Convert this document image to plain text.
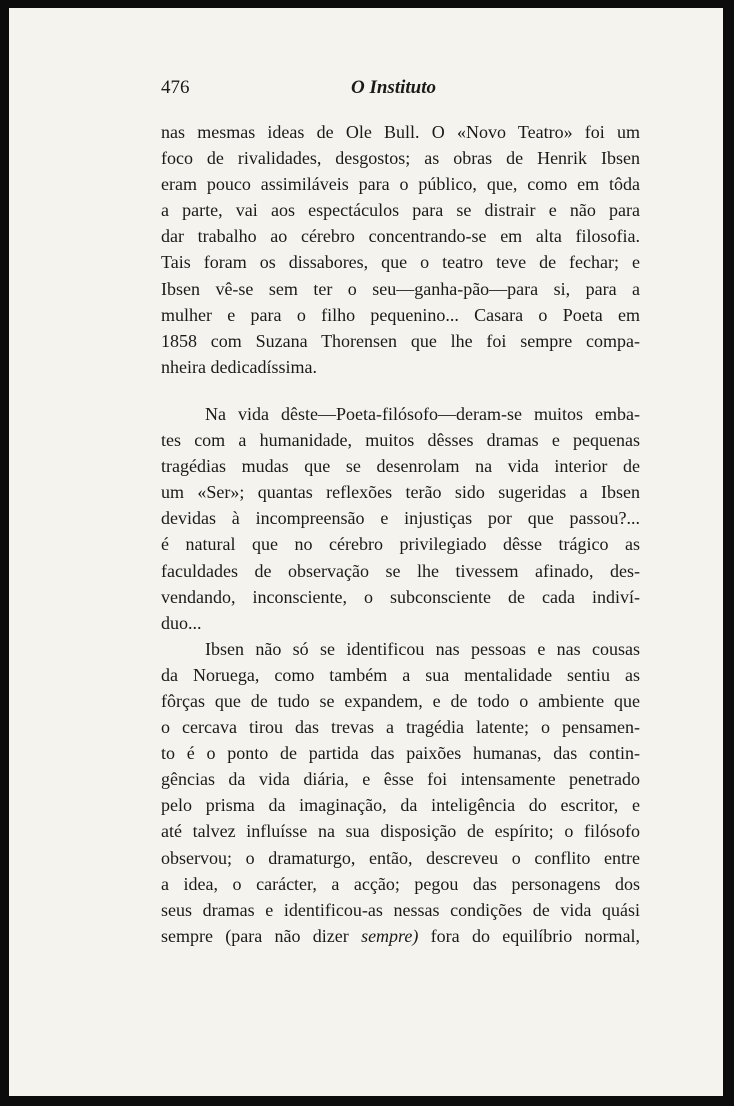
476	O Instituto
nas mesmas ideas de Ole Bull. O «Novo Teatro» foi um
foco de rivalidades, desgostos; as obras de Henrik Ibsen
eram pouco assimiláveis para o público, que, como em tôda
a parte, vai aos espectáculos para se distrair e não para
dar trabalho ao cérebro concentrando-se em alta filosofia.
Tais foram os dissabores, que o teatro teve de fechar; e
Ibsen vê-se sem ter o seu—ganha-pão—para si, para a
mulher e para o filho pequenino... Casara o Poeta em
1858 com Suzana Thorensen que lhe foi sempre compa-
nheira dedicadíssima.
Na vida dêste—Poeta-filósofo—deram-se muitos emba-
tes com a humanidade, muitos dêsses dramas e pequenas
tragédias mudas que se desenrolam na vida interior de
um «Ser»; quantas reflexões terão sido sugeridas a Ibsen
devidas à incompreensão e injustiças por que passou?...
é natural que no cérebro privilegiado dêsse trágico as
faculdades de observação se lhe tivessem afinado, des-
vendando, inconsciente, o subconsciente de cada indiví-
duo...
Ibsen não só se identificou nas pessoas e nas cousas
da Noruega, como também a sua mentalidade sentiu as
fôrças que de tudo se expandem, e de todo o ambiente que
o cercava tirou das trevas a tragédia latente; o pensamen-
to é o ponto de partida das paixões humanas, das contin-
gências da vida diária, e êsse foi intensamente penetrado
pelo prisma da imaginação, da inteligência do escritor, e
até talvez influísse na sua disposição de espírito; o filósofo
observou; o dramaturgo, então, descreveu o conflito entre
a idea, o carácter, a acção; pegou das personagens dos
seus dramas e identificou-as nessas condições de vida quási
sempre (para não dizer sempre) fora do equilíbrio normal,
